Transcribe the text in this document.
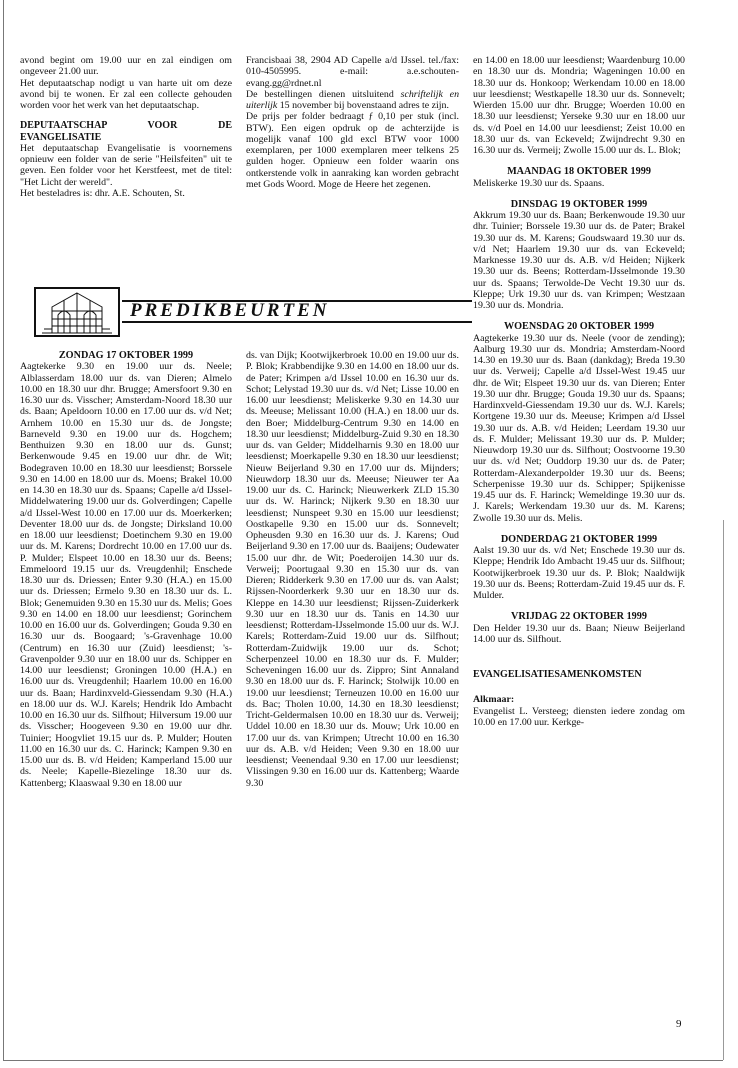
avond begint om 19.00 uur en zal eindigen om ongeveer 21.00 uur.

Het deputaatschap nodigt u van harte uit om deze avond bij te wonen. Er zal een collecte gehouden worden voor het werk van het deputaatschap.

DEPUTAATSCHAP VOOR DE EVANGELISATIE

Het deputaatschap Evangelisatie is voornemens opnieuw een folder van de serie "Heilsfeiten" uit te geven. Een folder voor het Kerstfeest, met de titel: "Het Licht der wereld".

Het besteladres is: dhr. A.E. Schouten, St.

Francisbaai 38, 2904 AD Capelle a/d IJssel. tel./fax: 010-4505995. e-mail: a.e.schouten-evang.gg@rdnet.nl

De bestellingen dienen uitsluitend schriftelijk en uiterlijk 15 november bij bovenstaand adres te zijn.

De prijs per folder bedraagt ƒ 0,10 per stuk (incl. BTW). Een eigen opdruk op de achterzijde is mogelijk vanaf 100 gld excl BTW voor 1000 exemplaren, per 1000 exemplaren meer telkens 25 gulden hoger. Opnieuw een folder waarin ons ontkerstende volk in aanraking kan worden gebracht met Gods Woord. Moge de Heere het zegenen.

PREDIKBEURTEN

ZONDAG 17 OKTOBER 1999

Aagtekerke 9.30 en 19.00 uur ds. Neele; Alblasserdam 18.00 uur ds. van Dieren; Almelo 10.00 en 18.30 uur dhr. Brugge; Amersfoort 9.30 en 16.30 uur ds. Visscher; Amsterdam-Noord 18.30 uur ds. Baan; Apeldoorn 10.00 en 17.00 uur ds. v/d Net; Arnhem 10.00 en 15.30 uur ds. de Jongste; Barneveld 9.30 en 19.00 uur ds. Hogchem; Benthuizen 9.30 en 18.00 uur ds. Gunst; Berkenwoude 9.45 en 19.00 uur dhr. de Wit; Bodegraven 10.00 en 18.30 uur leesdienst; Borssele 9.30 en 14.00 en 18.00 uur ds. Moens; Brakel 10.00 en 14.30 en 18.30 uur ds. Spaans; Capelle a/d IJssel-Middelwatering 19.00 uur ds. Golverdingen; Capelle a/d IJssel-West 10.00 en 17.00 uur ds. Moerkerken; Deventer 18.00 uur ds. de Jongste; Dirksland 10.00 en 18.00 uur leesdienst; Doetinchem 9.30 en 19.00 uur ds. M. Karens; Dordrecht 10.00 en 17.00 uur ds. P. Mulder; Elspeet 10.00 en 18.30 uur ds. Beens; Emmeloord 19.15 uur ds. Vreugdenhil; Enschede 18.30 uur ds. Driessen; Enter 9.30 (H.A.) en 15.00 uur ds. Driessen; Ermelo 9.30 en 18.30 uur ds. L. Blok; Genemuiden 9.30 en 15.30 uur ds. Melis; Goes 9.30 en 14.00 en 18.00 uur leesdienst; Gorinchem 10.00 en 16.00 uur ds. Golverdingen; Gouda 9.30 en 16.30 uur ds. Boogaard; 's-Gravenhage 10.00 (Centrum) en 16.30 uur (Zuid) leesdienst; 's-Gravenpolder 9.30 uur en 18.00 uur ds. Schipper en 14.00 uur leesdienst; Groningen 10.00 (H.A.) en 16.00 uur ds. Vreugdenhil; Haarlem 10.00 en 16.00 uur ds. Baan; Hardinxveld-Giessendam 9.30 (H.A.) en 18.00 uur ds. W.J. Karels; Hendrik Ido Ambacht 10.00 en 16.30 uur ds. Silfhout; Hilversum 19.00 uur ds. Visscher; Hoogeveen 9.30 en 19.00 uur dhr. Tuinier; Hoogvliet 19.15 uur ds. P. Mulder; Houten 11.00 en 16.30 uur ds. C. Harinck; Kampen 9.30 en 15.00 uur ds. B. v/d Heiden; Kamperland 15.00 uur ds. Neele; Kapelle-Biezelinge 18.30 uur ds. Kattenberg; Klaaswaal 9.30 en 18.00 uur

ds. van Dijk; Kootwijkerbroek 10.00 en 19.00 uur ds. P. Blok; Krabbendijke 9.30 en 14.00 en 18.00 uur ds. de Pater; Krimpen a/d IJssel 10.00 en 16.30 uur ds. Schot; Lelystad 19.30 uur ds. v/d Net; Lisse 10.00 en 16.00 uur leesdienst; Meliskerke 9.30 en 14.30 uur ds. Meeuse; Melissant 10.00 (H.A.) en 18.00 uur ds. den Boer; Middelburg-Centrum 9.30 en 14.00 en 18.30 uur leesdienst; Middelburg-Zuid 9.30 en 18.30 uur ds. van Gelder; Middelharnis 9.30 en 18.00 uur leesdienst; Moerkapelle 9.30 en 18.30 uur leesdienst; Nieuw Beijerland 9.30 en 17.00 uur ds. Mijnders; Nieuwdorp 18.30 uur ds. Meeuse; Nieuwer ter Aa 19.00 uur ds. C. Harinck; Nieuwerkerk ZLD 15.30 uur ds. W. Harinck; Nijkerk 9.30 en 18.30 uur leesdienst; Nunspeet 9.30 en 15.00 uur leesdienst; Oostkapelle 9.30 en 15.00 uur ds. Sonnevelt; Opheusden 9.30 en 16.30 uur ds. J. Karens; Oud Beijerland 9.30 en 17.00 uur ds. Baaijens; Oudewater 15.00 uur dhr. de Wit; Poederoijen 14.30 uur ds. Verweij; Poortugaal 9.30 en 15.30 uur ds. van Dieren; Ridderkerk 9.30 en 17.00 uur ds. van Aalst; Rijssen-Noorderkerk 9.30 uur en 18.30 uur ds. Kleppe en 14.30 uur leesdienst; Rijssen-Zuiderkerk 9.30 uur en 18.30 uur ds. Tanis en 14.30 uur leesdienst; Rotterdam-IJsselmonde 15.00 uur ds. W.J. Karels; Rotterdam-Zuid 19.00 uur ds. Silfhout; Rotterdam-Zuidwijk 19.00 uur ds. Schot; Scherpenzeel 10.00 en 18.30 uur ds. F. Mulder; Scheveningen 16.00 uur ds. Zippro; Sint Annaland 9.30 en 18.00 uur ds. F. Harinck; Stolwijk 10.00 en 19.00 uur leesdienst; Terneuzen 10.00 en 16.00 uur ds. Bac; Tholen 10.00, 14.30 en 18.30 leesdienst; Tricht-Geldermalsen 10.00 en 18.30 uur ds. Verweij; Uddel 10.00 en 18.30 uur ds. Mouw; Urk 10.00 en 17.00 uur ds. van Krimpen; Utrecht 10.00 en 16.30 uur ds. A.B. v/d Heiden; Veen 9.30 en 18.00 uur leesdienst; Veenendaal 9.30 en 17.00 uur leesdienst; Vlissingen 9.30 en 16.00 uur ds. Kattenberg; Waarde 9.30

en 14.00 en 18.00 uur leesdienst; Waardenburg 10.00 en 18.30 uur ds. Mondria; Wageningen 10.00 en 18.30 uur ds. Honkoop; Werkendam 10.00 en 18.00 uur leesdienst; Westkapelle 18.30 uur ds. Sonnevelt; Wierden 15.00 uur dhr. Brugge; Woerden 10.00 en 18.30 uur leesdienst; Yerseke 9.30 uur en 18.00 uur ds. v/d Poel en 14.00 uur leesdienst; Zeist 10.00 en 18.30 uur ds. van Eckeveld; Zwijndrecht 9.30 en 16.30 uur ds. Vermeij; Zwolle 15.00 uur ds. L. Blok;

MAANDAG 18 OKTOBER 1999

Meliskerke 19.30 uur ds. Spaans.

DINSDAG 19 OKTOBER 1999

Akkrum 19.30 uur ds. Baan; Berkenwoude 19.30 uur dhr. Tuinier; Borssele 19.30 uur ds. de Pater; Brakel 19.30 uur ds. M. Karens; Goudswaard 19.30 uur ds. v/d Net; Haarlem 19.30 uur ds. van Eckeveld; Marknesse 19.30 uur ds. A.B. v/d Heiden; Nijkerk 19.30 uur ds. Beens; Rotterdam-IJsselmonde 19.30 uur ds. Spaans; Terwolde-De Vecht 19.30 uur ds. Kleppe; Urk 19.30 uur ds. van Krimpen; Westzaan 19.30 uur ds. Mondria.

WOENSDAG 20 OKTOBER 1999

Aagtekerke 19.30 uur ds. Neele (voor de zending); Aalburg 19.30 uur ds. Mondria; Amsterdam-Noord 14.30 en 19.30 uur ds. Baan (dankdag); Breda 19.30 uur ds. Verweij; Capelle a/d IJssel-West 19.45 uur dhr. de Wit; Elspeet 19.30 uur ds. van Dieren; Enter 19.30 uur dhr. Brugge; Gouda 19.30 uur ds. Spaans; Hardinxveld-Giessendam 19.30 uur ds. W.J. Karels; Kortgene 19.30 uur ds. Meeuse; Krimpen a/d IJssel 19.30 uur ds. A.B. v/d Heiden; Leerdam 19.30 uur ds. F. Mulder; Melissant 19.30 uur ds. P. Mulder; Nieuwdorp 19.30 uur ds. Silfhout; Oostvoorne 19.30 uur ds. v/d Net; Ouddorp 19.30 uur ds. de Pater; Rotterdam-Alexanderpolder 19.30 uur ds. Beens; Scherpenisse 19.30 uur ds. Schipper; Spijkenisse 19.45 uur ds. F. Harinck; Wemeldinge 19.30 uur ds. J. Karels; Werkendam 19.30 uur ds. M. Karens; Zwolle 19.30 uur ds. Melis.

DONDERDAG 21 OKTOBER 1999

Aalst 19.30 uur ds. v/d Net; Enschede 19.30 uur ds. Kleppe; Hendrik Ido Ambacht 19.45 uur ds. Silfhout; Kootwijkerbroek 19.30 uur ds. P. Blok; Naaldwijk 19.30 uur ds. Beens; Rotterdam-Zuid 19.45 uur ds. F. Mulder.

VRIJDAG 22 OKTOBER 1999

Den Helder 19.30 uur ds. Baan; Nieuw Beijerland 14.00 uur ds. Silfhout.

EVANGELISATIESAMENKOMSTEN

Alkmaar:

Evangelist L. Versteeg; diensten iedere zondag om 10.00 en 17.00 uur. Kerkge-

9
